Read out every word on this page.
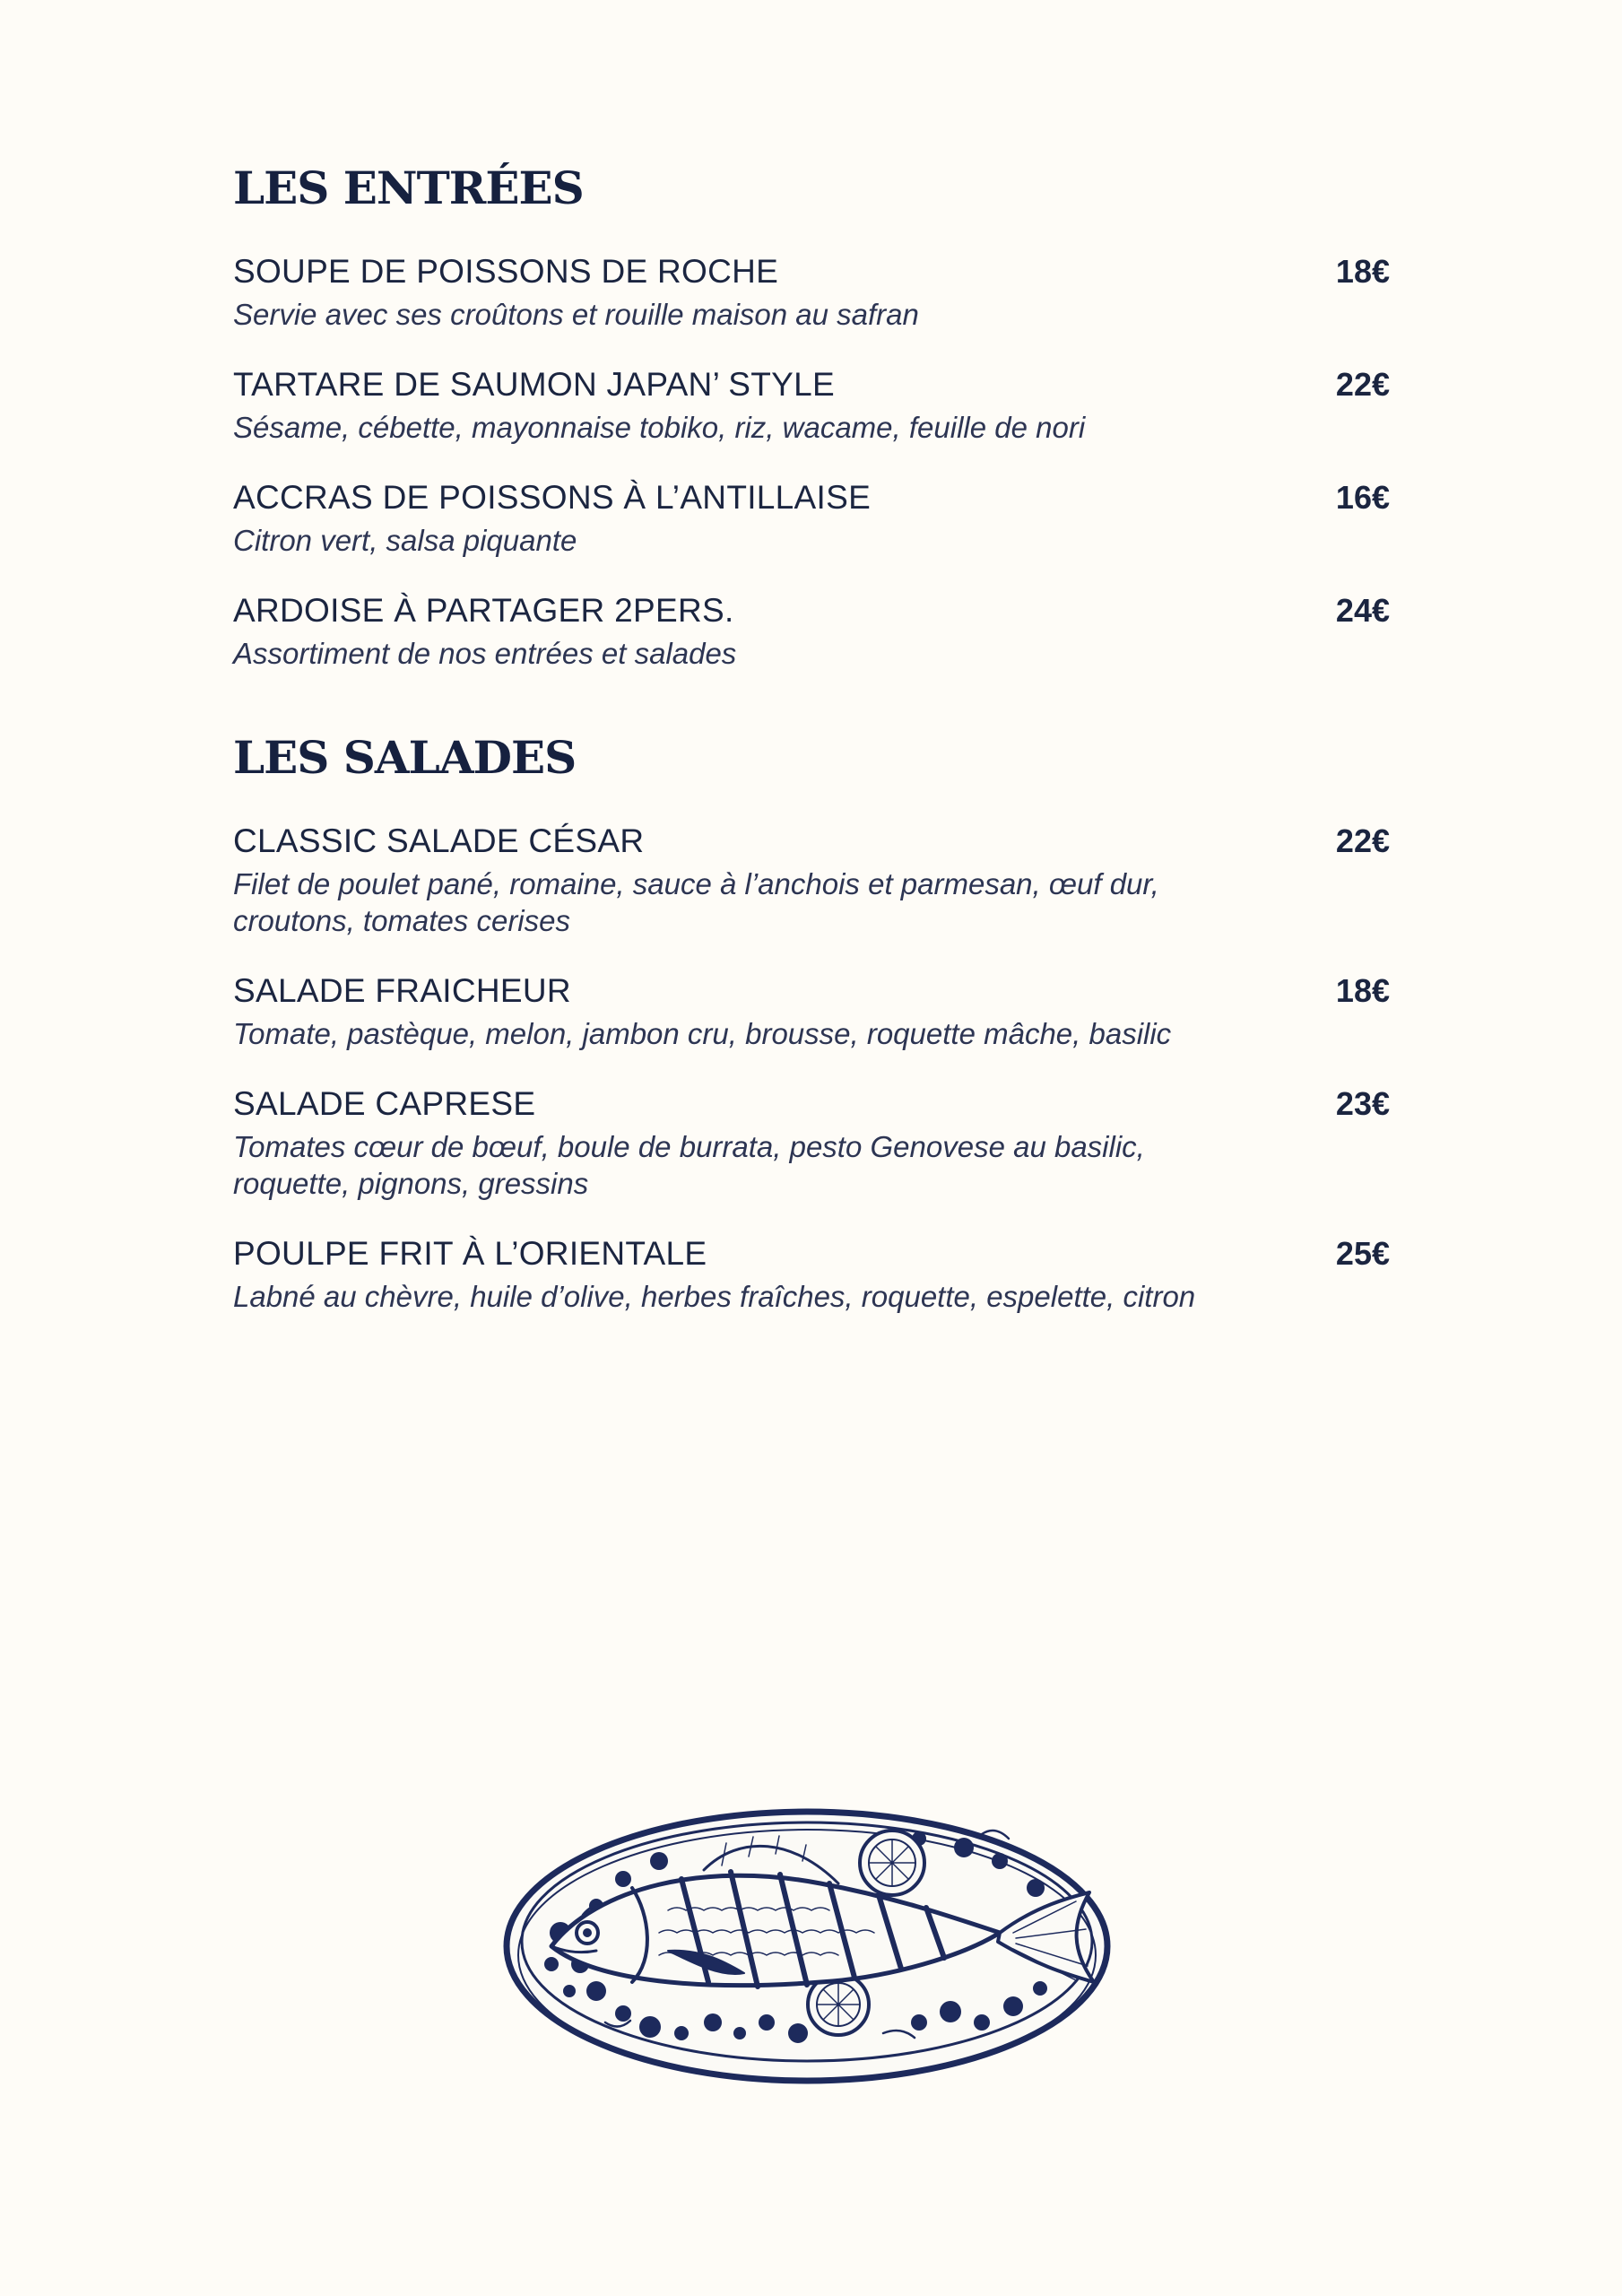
LES ENTRÉES
SOUPE DE POISSONS DE ROCHE	18€
Servie avec ses croûtons et rouille maison au safran
TARTARE DE SAUMON JAPAN’ STYLE	22€
Sésame, cébette, mayonnaise tobiko, riz, wacame, feuille de nori
ACCRAS DE POISSONS À L’ANTILLAISE	16€
Citron vert, salsa piquante
ARDOISE À PARTAGER 2PERS.	24€
Assortiment de nos entrées et salades
LES SALADES
CLASSIC SALADE CÉSAR	22€
Filet de poulet pané, romaine, sauce à l’anchois et parmesan, œuf dur, croutons, tomates cerises
SALADE FRAICHEUR	18€
Tomate, pastèque, melon, jambon cru, brousse, roquette mâche, basilic
SALADE CAPRESE	23€
Tomates cœur de bœuf, boule de burrata, pesto Genovese au basilic, roquette, pignons, gressins
POULPE FRIT À L’ORIENTALE	25€
Labné au chèvre, huile d’olive, herbes fraîches, roquette, espelette, citron
